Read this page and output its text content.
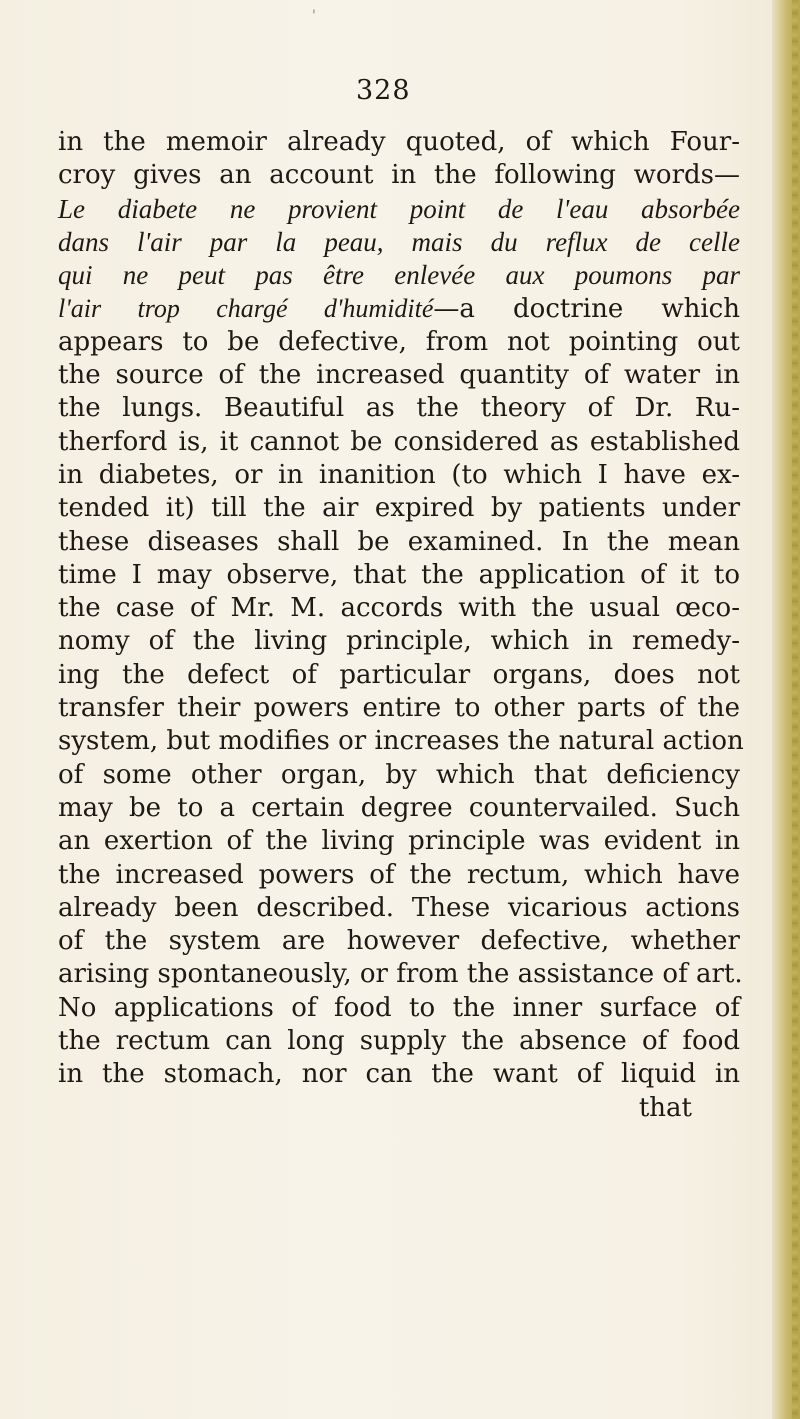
'
328
in the memoir already quoted, of which Four-
croy gives an account in the following words—
Le diabete ne provient point de l'eau absorbée
dans l'air par la peau, mais du reflux de celle
qui ne peut pas être enlevée aux poumons par
l'air trop chargé d'humidité—a doctrine which
appears to be defective, from not pointing out
the source of the increased quantity of water in
the lungs. Beautiful as the theory of Dr. Ru-
therford is, it cannot be considered as established
in diabetes, or in inanition (to which I have ex-
tended it) till the air expired by patients under
these diseases shall be examined. In the mean
time I may observe, that the application of it to
the case of Mr. M. accords with the usual œco-
nomy of the living principle, which in remedy-
ing the defect of particular organs, does not
transfer their powers entire to other parts of the
system, but modifies or increases the natural action
of some other organ, by which that deficiency
may be to a certain degree countervailed. Such
an exertion of the living principle was evident in
the increased powers of the rectum, which have
already been described. These vicarious actions
of the system are however defective, whether
arising spontaneously, or from the assistance of art.
No applications of food to the inner surface of
the rectum can long supply the absence of food
in the stomach, nor can the want of liquid in
that
